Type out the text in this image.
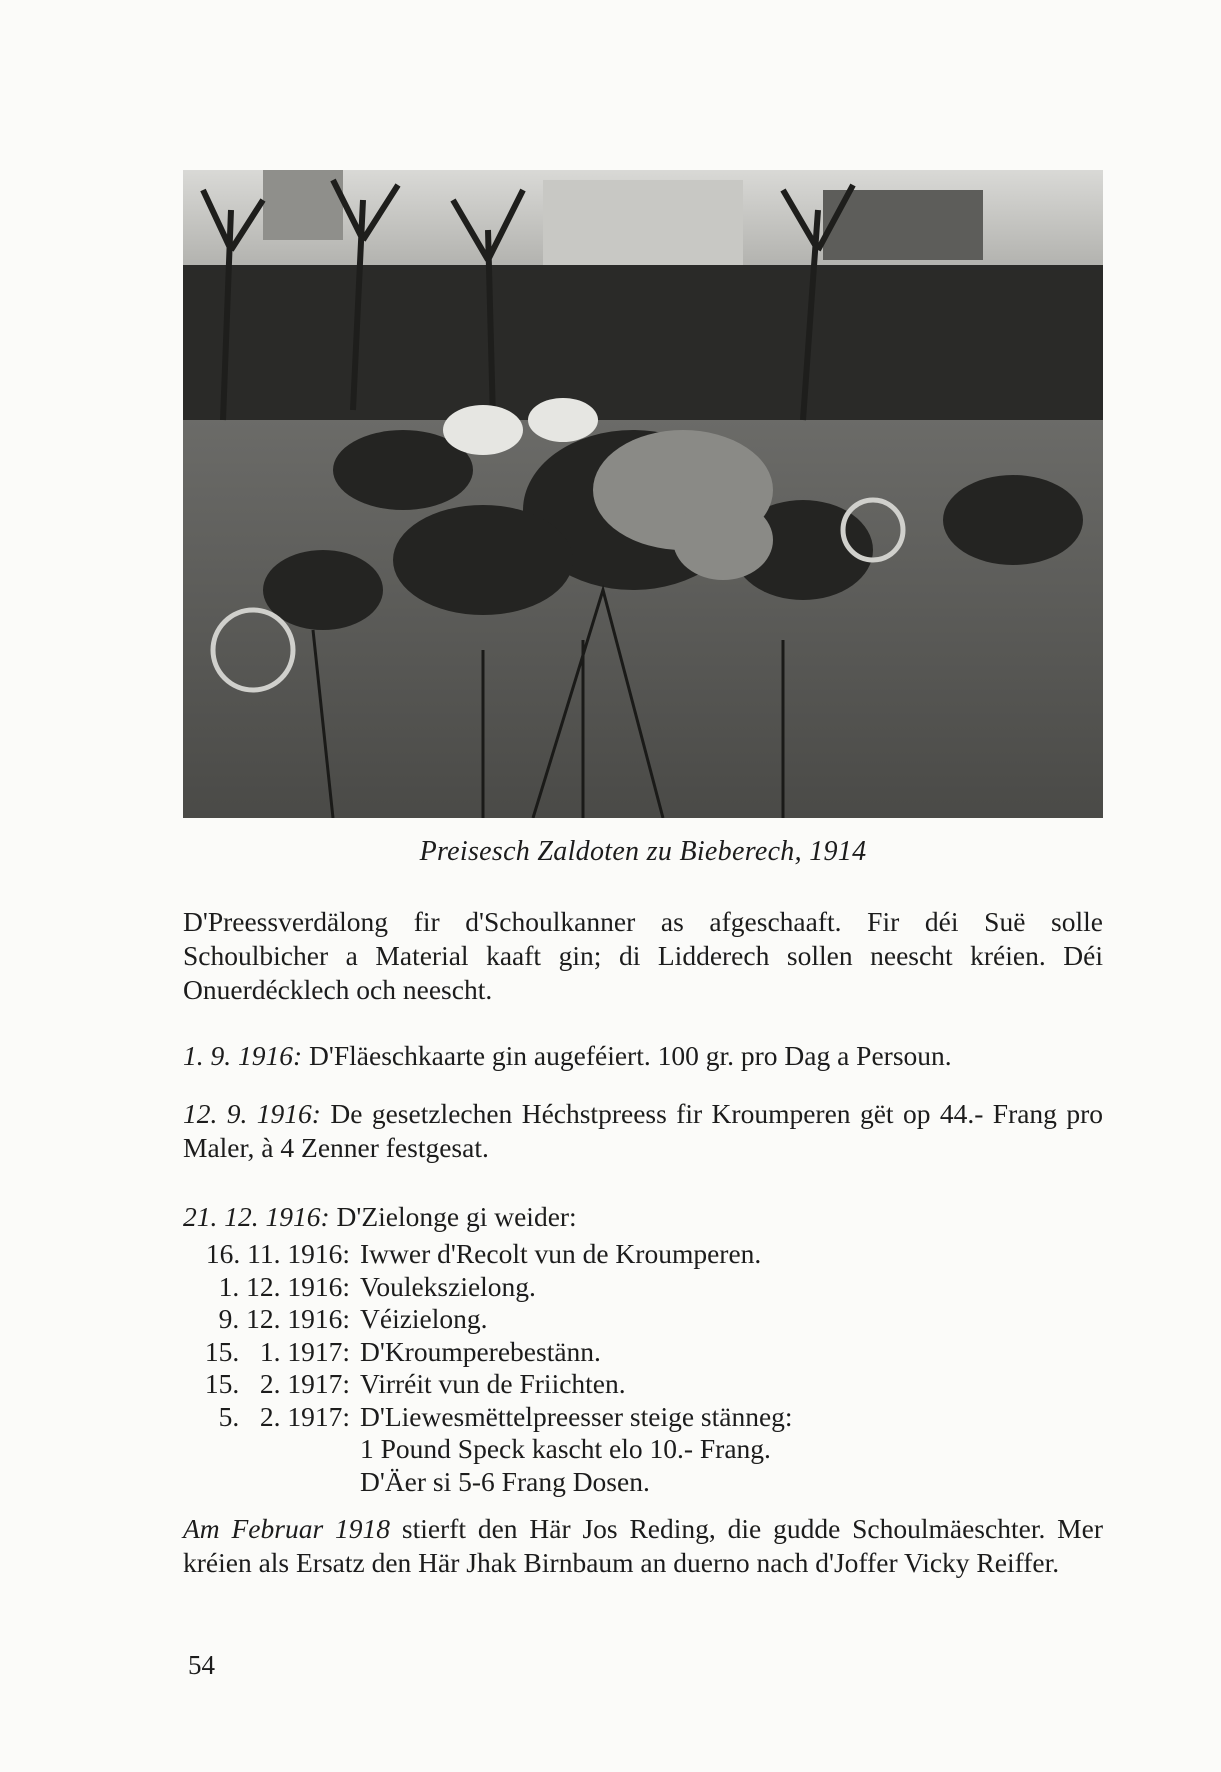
Preisesch Zaldoten zu Bieberech, 1914
D'Preessverdälong fir d'Schoulkanner as afgeschaaft. Fir déi Suë solle Schoulbicher a Material kaaft gin; di Lidderech sollen neescht kréien. Déi Onuerdécklech och neescht.
1. 9. 1916: D'Fläeschkaarte gin augeféiert. 100 gr. pro Dag a Persoun.
12. 9. 1916: De gesetzlechen Héchstpreess fir Kroumperen gët op 44.- Frang pro Maler, à 4 Zenner festgesat.
21. 12. 1916: D'Zielonge gi weider:
16. 11. 1916: Iwwer d'Recolt vun de Kroumperen.
1. 12. 1916: Voulekszielong.
9. 12. 1916: Véizielong.
15.   1. 1917: D'Kroumperebestänn.
15.   2. 1917: Virréit vun de Friichten.
5.   2. 1917: D'Liewesmëttelpreesser steige stänneg:
1 Pound Speck kascht elo 10.- Frang.
D'Äer si 5-6 Frang Dosen.
Am Februar 1918 stierft den Här Jos Reding, die gudde Schoulmäeschter. Mer kréien als Ersatz den Här Jhak Birnbaum an duerno nach d'Joffer Vicky Reiffer.
54
